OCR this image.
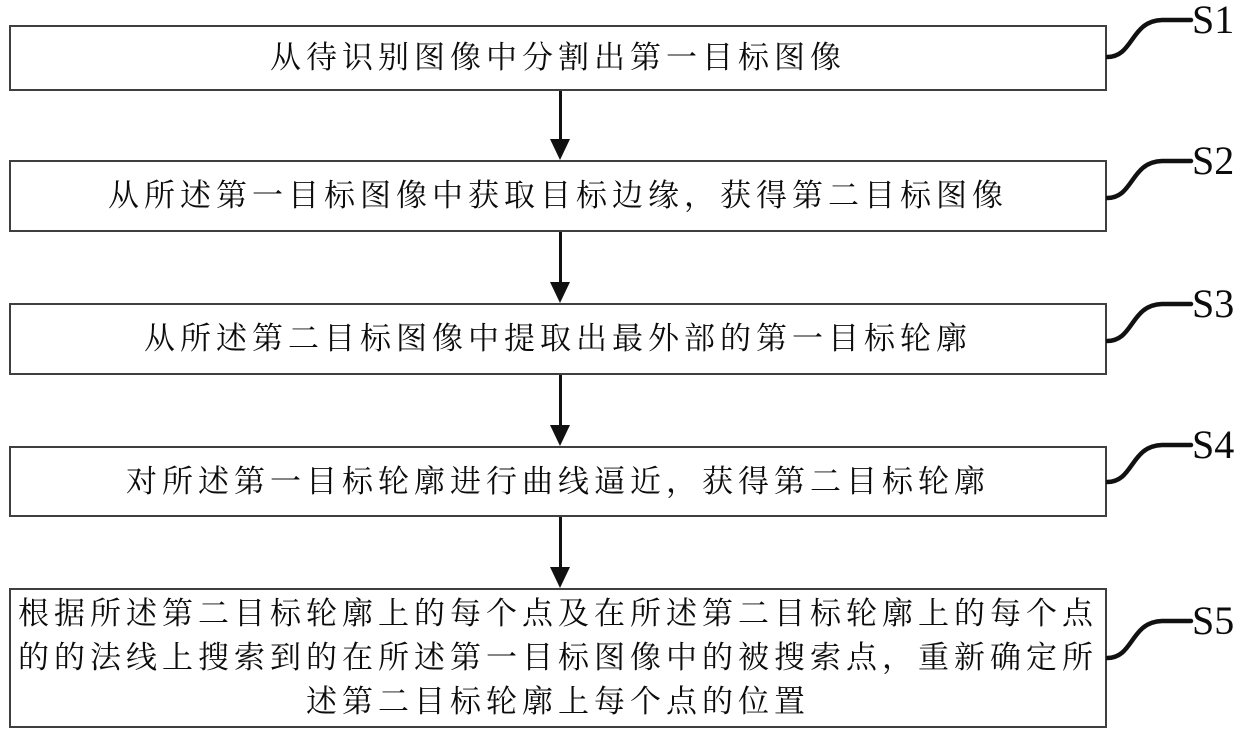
从待识别图像中分割出第一目标图像
S1
从所述第一目标图像中获取目标边缘，获得第二目标图像
S2
从所述第二目标图像中提取出最外部的第一目标轮廓
S3
对所述第一目标轮廓进行曲线逼近，获得第二目标轮廓
S4
根据所述第二目标轮廓上的每个点及在所述第二目标轮廓上的每个点
的的法线上搜索到的在所述第一目标图像中的被搜索点，重新确定所
述第二目标轮廓上每个点的位置
S5
